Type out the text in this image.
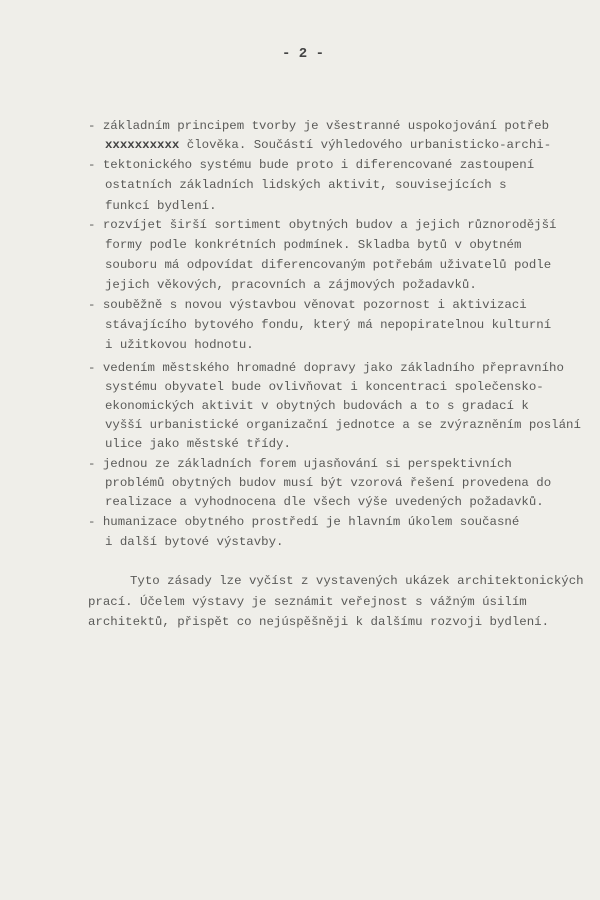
- 2 -
- základním principem tvorby je všestranné uspokojování potřeb
xxxxxxxxxx člověka. Součástí výhledového urbanisticko-archi-
- tektonického systému bude proto i diferencované zastoupení
ostatních základních lidských aktivit, souvisejících s
funkcí bydlení.
- rozvíjet širší sortiment obytných budov a jejich různorodější
formy podle konkrétních podmínek. Skladba bytů v obytném
souboru má odpovídat diferencovaným potřebám uživatelů podle
jejich věkových, pracovních a zájmových požadavků.
- souběžně s novou výstavbou věnovat pozornost i aktivizaci
stávajícího bytového fondu, který má nepopiratelnou kulturní
i užitkovou hodnotu.
- vedením městského hromadné dopravy jako základního přepravního
systému obyvatel bude ovlivňovat i koncentraci společensko-
ekonomických aktivit v obytných budovách a to s gradací k
vyšší urbanistické organizační jednotce a se zvýrazněním poslání
ulice jako městské třídy.
- jednou ze základních forem ujasňování si perspektivních
problémů obytných budov musí být vzorová řešení provedena do
realizace a vyhodnocena dle všech výše uvedených požadavků.
- humanizace obytného prostředí je hlavním úkolem současné
i další bytové výstavby.
Tyto zásady lze vyčíst z vystavených ukázek architektonických
prací. Účelem výstavy je seznámit veřejnost s vážným úsilím
architektů, přispět co nejúspěšněji k dalšímu rozvoji bydlení.
